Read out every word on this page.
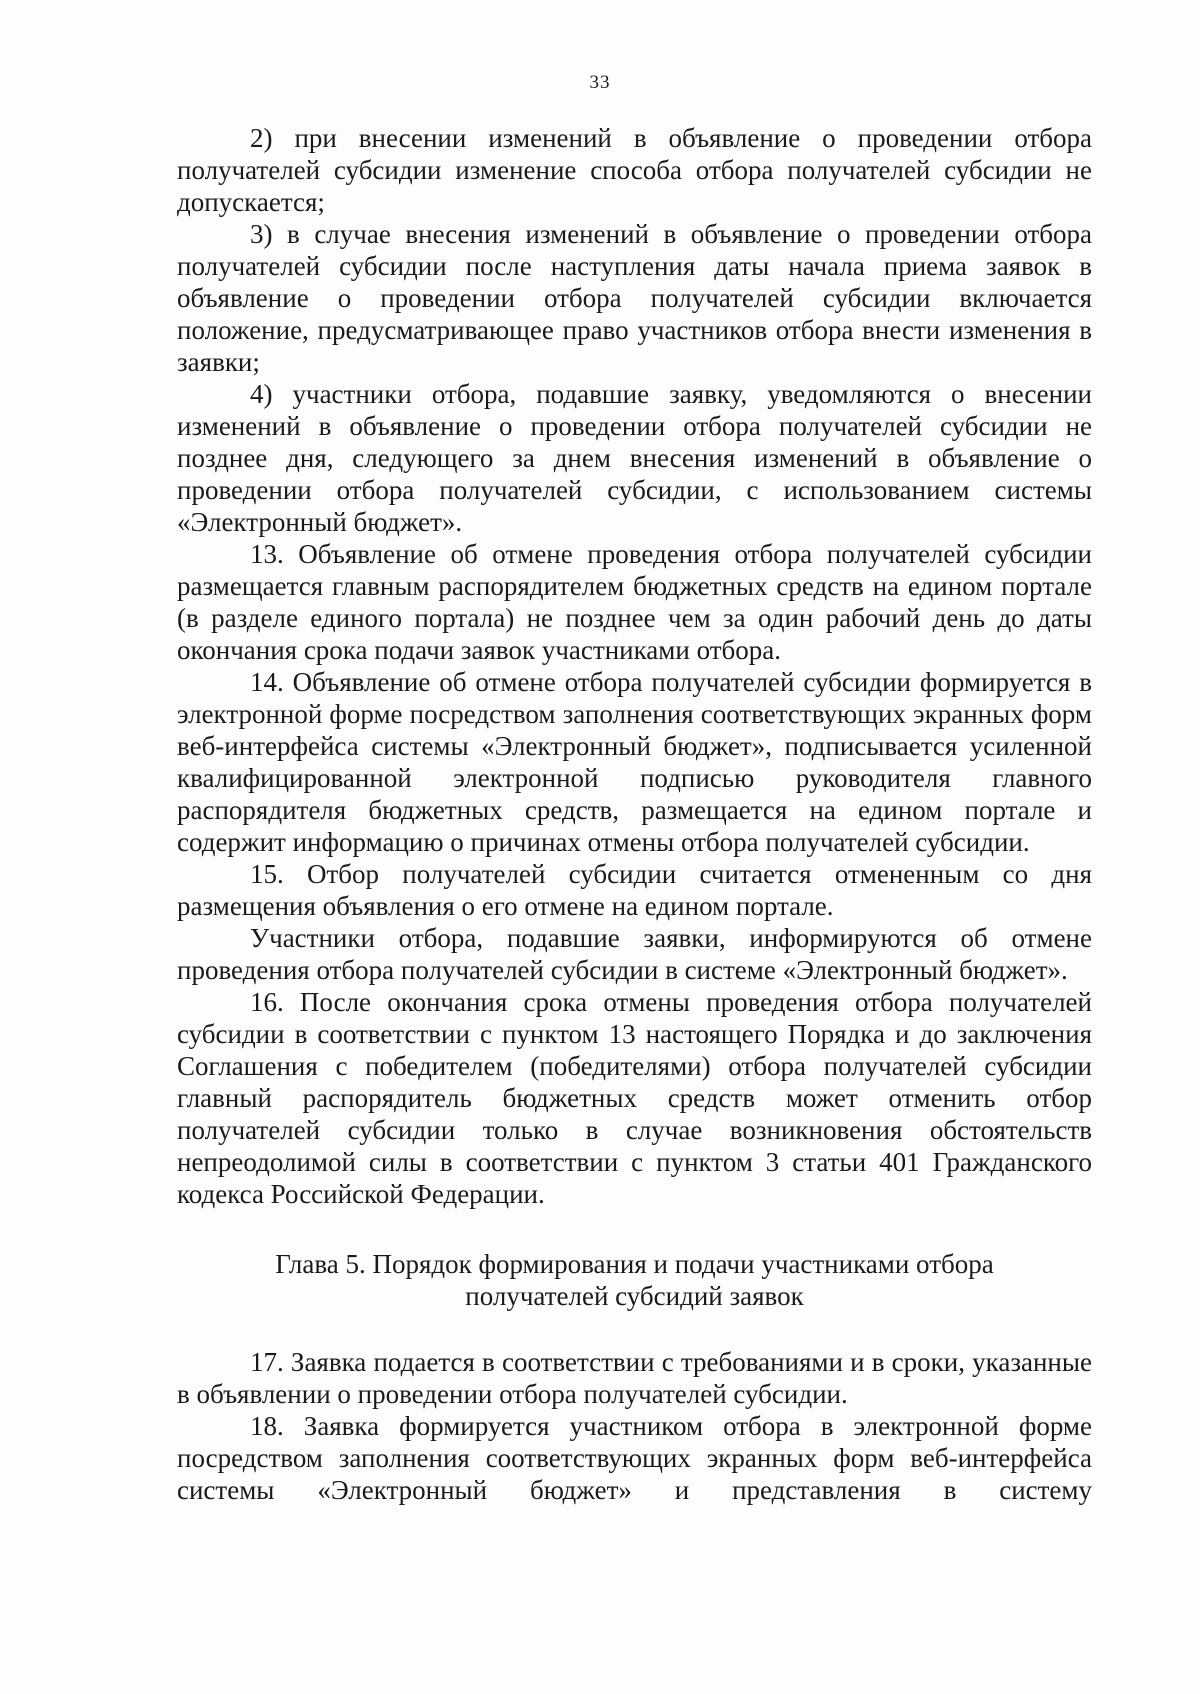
33

2) при внесении изменений в объявление о проведении отбора получателей субсидии изменение способа отбора получателей субсидии не допускается;

3) в случае внесения изменений в объявление о проведении отбора получателей субсидии после наступления даты начала приема заявок в объявление о проведении отбора получателей субсидии включается положение, предусматривающее право участников отбора внести изменения в заявки;

4) участники отбора, подавшие заявку, уведомляются о внесении изменений в объявление о проведении отбора получателей субсидии не позднее дня, следующего за днем внесения изменений в объявление о проведении отбора получателей субсидии, с использованием системы «Электронный бюджет».

13. Объявление об отмене проведения отбора получателей субсидии размещается главным распорядителем бюджетных средств на едином портале (в разделе единого портала) не позднее чем за один рабочий день до даты окончания срока подачи заявок участниками отбора.

14. Объявление об отмене отбора получателей субсидии формируется в электронной форме посредством заполнения соответствующих экранных форм веб-интерфейса системы «Электронный бюджет», подписывается усиленной квалифицированной электронной подписью руководителя главного распорядителя бюджетных средств, размещается на едином портале и содержит информацию о причинах отмены отбора получателей субсидии.

15. Отбор получателей субсидии считается отмененным со дня размещения объявления о его отмене на едином портале.

Участники отбора, подавшие заявки, информируются об отмене проведения отбора получателей субсидии в системе «Электронный бюджет».

16. После окончания срока отмены проведения отбора получателей субсидии в соответствии с пунктом 13 настоящего Порядка и до заключения Соглашения с победителем (победителями) отбора получателей субсидии главный распорядитель бюджетных средств может отменить отбор получателей субсидии только в случае возникновения обстоятельств непреодолимой силы в соответствии с пунктом 3 статьи 401 Гражданского кодекса Российской Федерации.

Глава 5. Порядок формирования и подачи участниками отбора
получателей субсидий заявок

17. Заявка подается в соответствии с требованиями и в сроки, указанные в объявлении о проведении отбора получателей субсидии.

18. Заявка формируется участником отбора в электронной форме посредством заполнения соответствующих экранных форм веб-интерфейса системы «Электронный бюджет» и представления в систему
